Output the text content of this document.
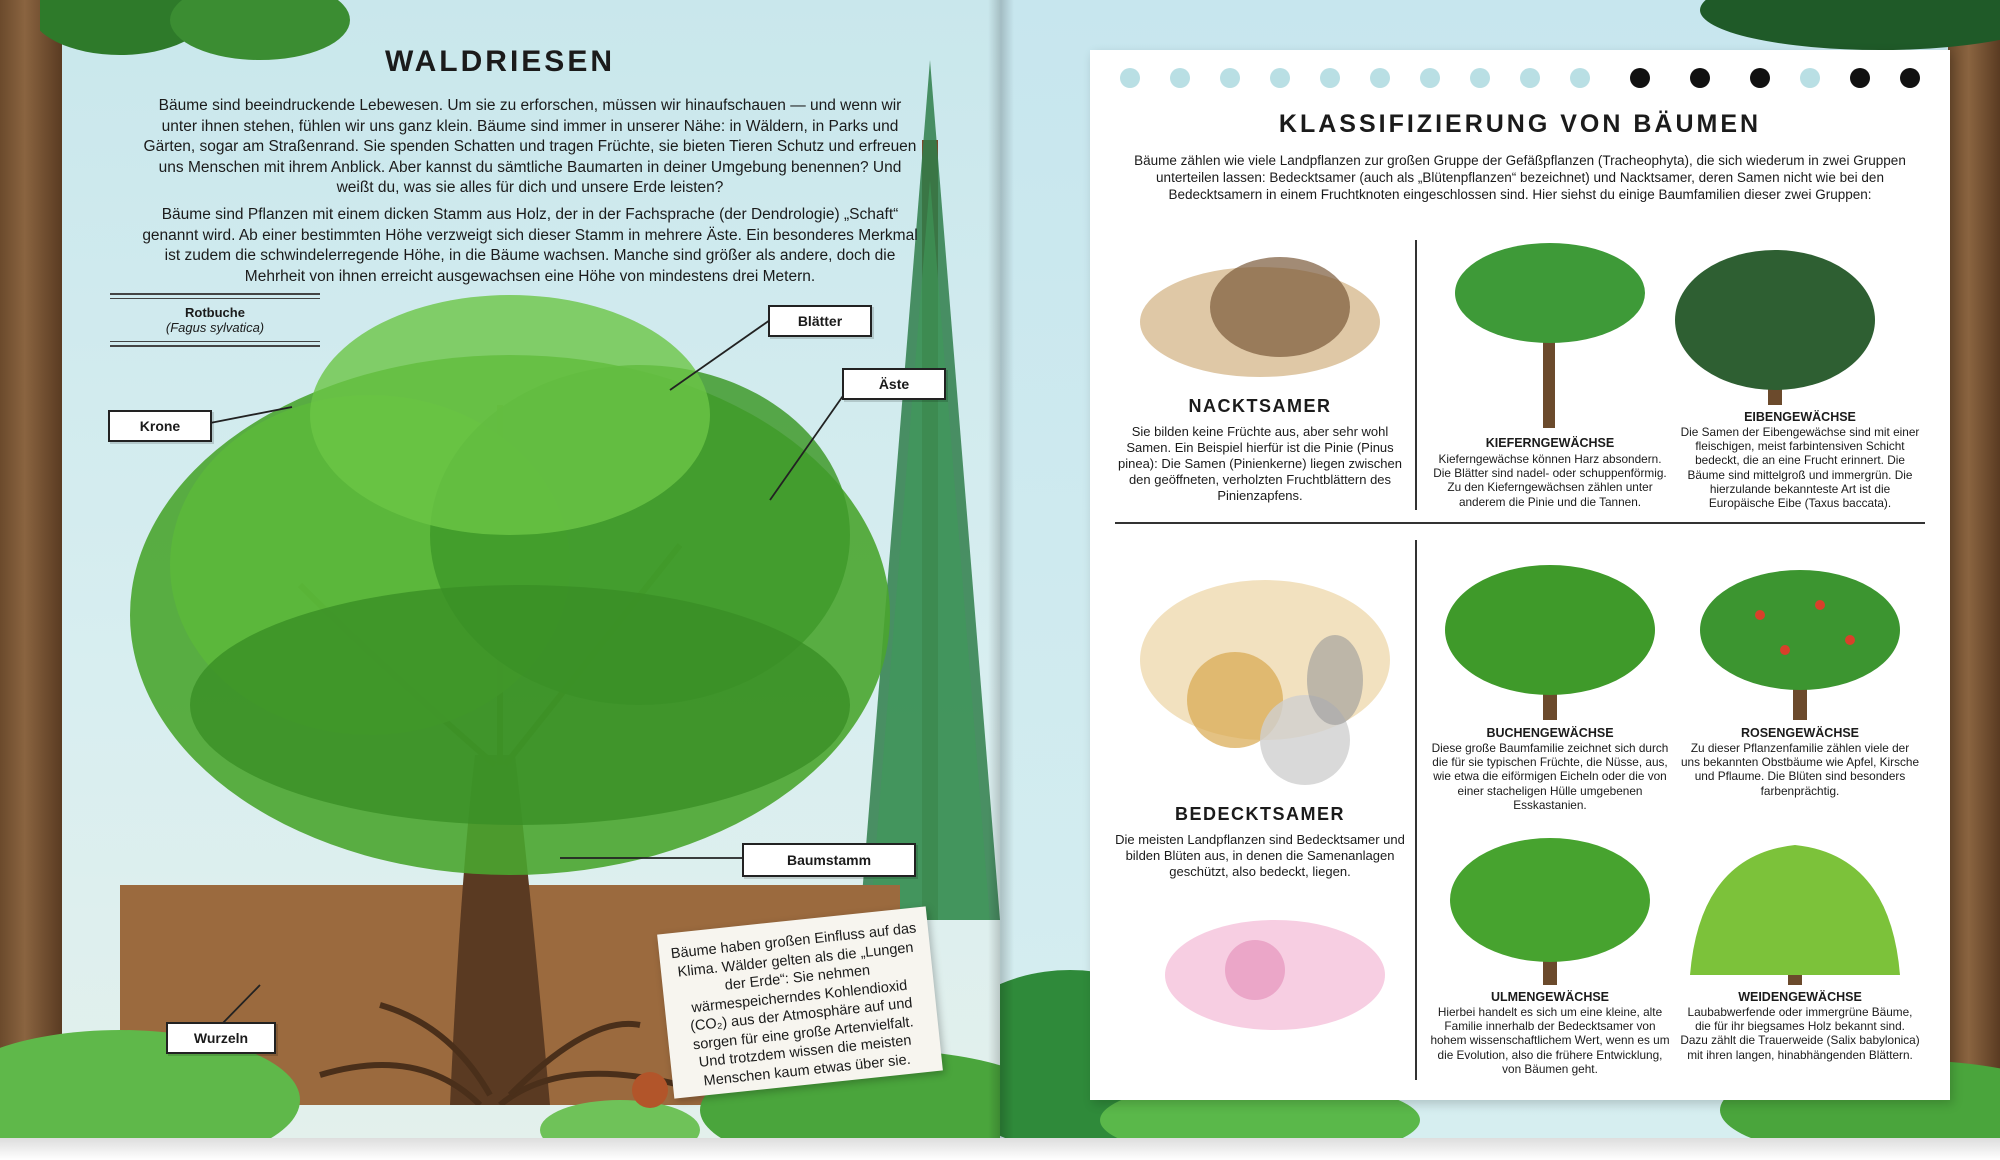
WALDRIESEN

Bäume sind beeindruckende Lebewesen. Um sie zu erforschen, müssen wir hinaufschauen — und wenn wir unter ihnen stehen, fühlen wir uns ganz klein. Bäume sind immer in unserer Nähe: in Wäldern, in Parks und Gärten, sogar am Straßenrand. Sie spenden Schatten und tragen Früchte, sie bieten Tieren Schutz und erfreuen uns Menschen mit ihrem Anblick. Aber kannst du sämtliche Baumarten in deiner Umgebung benennen? Und weißt du, was sie alles für dich und unsere Erde leisten?

Bäume sind Pflanzen mit einem dicken Stamm aus Holz, der in der Fachsprache (der Dendrologie) „Schaft“ genannt wird. Ab einer bestimmten Höhe verzweigt sich dieser Stamm in mehrere Äste. Ein besonderes Merkmal ist zudem die schwindelerregende Höhe, in die Bäume wachsen. Manche sind größer als andere, doch die Mehrheit von ihnen erreicht ausgewachsen eine Höhe von mindestens drei Metern.

Rotbuche
(Fagus sylvatica)
Krone
Blätter
Äste
Baumstamm
Wurzeln
Bäume haben großen Einfluss auf das Klima. Wälder gelten als die „Lungen der Erde“: Sie nehmen wärmespeicherndes Kohlendioxid (CO₂) aus der Atmosphäre auf und sorgen für eine große Artenvielfalt. Und trotzdem wissen die meisten Menschen kaum etwas über sie.
KLASSIFIZIERUNG VON BÄUMEN

Bäume zählen wie viele Landpflanzen zur großen Gruppe der Gefäßpflanzen (Tracheophyta), die sich wiederum in zwei Gruppen unterteilen lassen: Bedecktsamer (auch als „Blütenpflanzen“ bezeichnet) und Nacktsamer, deren Samen nicht wie bei den Bedecktsamern in einem Fruchtknoten eingeschlossen sind. Hier siehst du einige Baumfamilien dieser zwei Gruppen:

NACKTSAMER
Sie bilden keine Früchte aus, aber sehr wohl Samen. Ein Beispiel hierfür ist die Pinie (Pinus pinea): Die Samen (Pinienkerne) liegen zwischen den geöffneten, verholzten Fruchtblättern des Pinienzapfens.
BEDECKTSAMER
Die meisten Landpflanzen sind Bedecktsamer und bilden Blüten aus, in denen die Samenanlagen geschützt, also bedeckt, liegen.
KIEFERNGEWÄCHSE
Kieferngewächse können Harz absondern. Die Blätter sind nadel- oder schuppenförmig. Zu den Kieferngewächsen zählen unter anderem die Pinie und die Tannen.
EIBENGEWÄCHSE
Die Samen der Eibengewächse sind mit einer fleischigen, meist farbintensiven Schicht bedeckt, die an eine Frucht erinnert. Die Bäume sind mittelgroß und immergrün. Die hierzulande bekannteste Art ist die Europäische Eibe (Taxus baccata).
BUCHENGEWÄCHSE
Diese große Baumfamilie zeichnet sich durch die für sie typischen Früchte, die Nüsse, aus, wie etwa die eiförmigen Eicheln oder die von einer stacheligen Hülle umgebenen Esskastanien.
ROSENGEWÄCHSE
Zu dieser Pflanzenfamilie zählen viele der uns bekannten Obstbäume wie Apfel, Kirsche und Pflaume. Die Blüten sind besonders farbenprächtig.
ULMENGEWÄCHSE
Hierbei handelt es sich um eine kleine, alte Familie innerhalb der Bedecktsamer von hohem wissenschaftlichem Wert, wenn es um die Evolution, also die frühere Entwicklung, von Bäumen geht.
WEIDENGEWÄCHSE
Laubabwerfende oder immergrüne Bäume, die für ihr biegsames Holz bekannt sind. Dazu zählt die Trauerweide (Salix babylonica) mit ihren langen, hinabhängenden Blättern.
